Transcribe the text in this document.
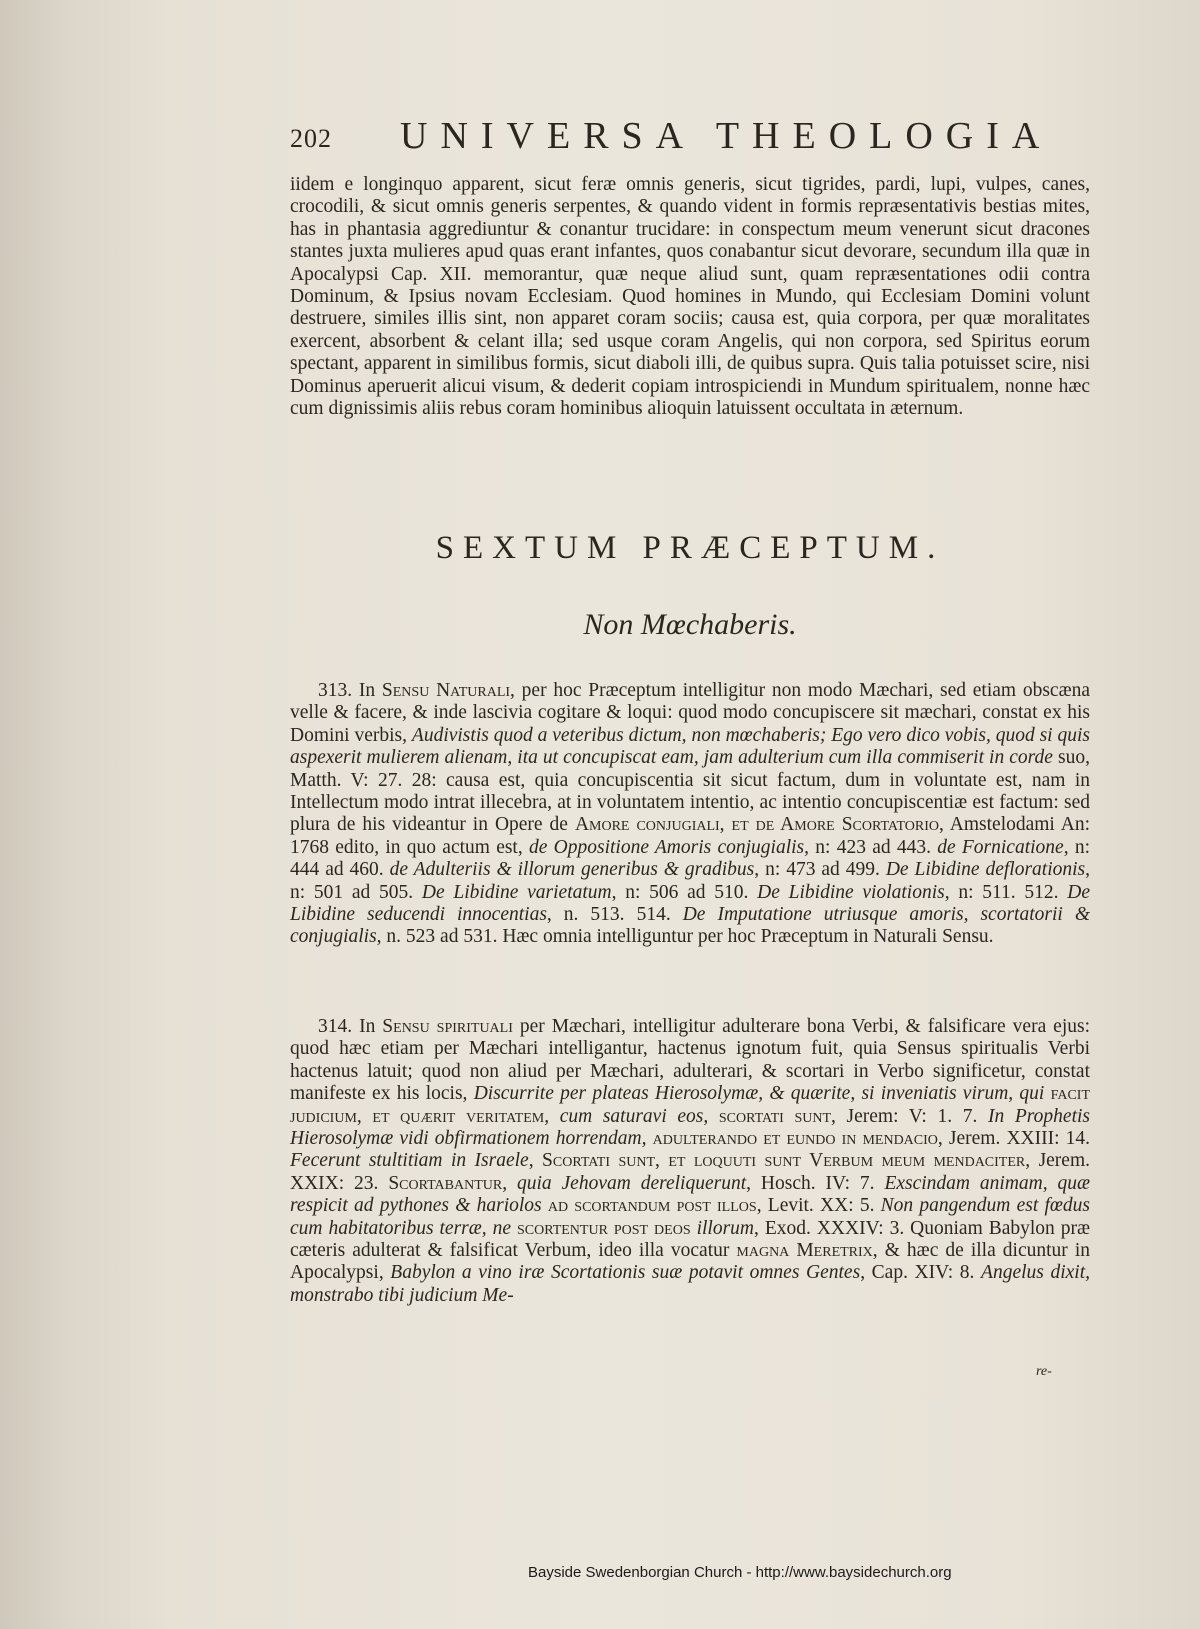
202 UNIVERSA THEOLOGIA

iidem e longinquo apparent, sicut feræ omnis generis, sicut tigrides, pardi, lupi, vulpes, canes, crocodili, & sicut omnis generis serpentes, & quando vident in formis repræsentativis bestias mites, has in phantasia aggrediuntur & conantur trucidare: in conspectum meum venerunt sicut dracones stantes juxta mulieres apud quas erant infantes, quos conabantur sicut devorare, secundum illa quæ in Apocalypsi Cap. XII. memorantur, quæ neque aliud sunt, quam repræsentationes odii contra Dominum, & Ipsius novam Ecclesiam. Quod homines in Mundo, qui Ecclesiam Domini volunt destruere, similes illis sint, non apparet coram sociis; causa est, quia corpora, per quæ moralitates exercent, absorbent & celant illa; sed usque coram Angelis, qui non corpora, sed Spiritus eorum spectant, apparent in similibus formis, sicut diaboli illi, de quibus supra. Quis talia potuisset scire, nisi Dominus aperuerit alicui visum, & dederit copiam introspiciendi in Mundum spiritualem, nonne hæc cum dignissimis aliis rebus coram hominibus alioquin latuissent occultata in æternum.

SEXTUM PRÆCEPTUM.
Non Mœchaberis.

313. In Sensu Naturali, per hoc Præceptum intelligitur non modo Mæchari, sed etiam obscæna velle & facere, & inde lascivia cogitare & loqui: quod modo concupiscere sit mæchari, constat ex his Domini verbis, Audivistis quod a veteribus dictum, non mœchaberis; Ego vero dico vobis, quod si quis aspexerit mulierem alienam, ita ut concupiscat eam, jam adulterium cum illa commiserit in corde suo, Matth. V: 27. 28: causa est, quia concupiscentia sit sicut factum, dum in voluntate est, nam in Intellectum modo intrat illecebra, at in voluntatem intentio, ac intentio concupiscentiæ est factum: sed plura de his videantur in Opere de Amore conjugiali, et de Amore Scortatorio, Amstelodami An: 1768 edito, in quo actum est, de Oppositione Amoris conjugialis, n: 423 ad 443. de Fornicatione, n: 444 ad 460. de Adulteriis & illorum generibus & gradibus, n: 473 ad 499. De Libidine deflorationis, n: 501 ad 505. De Libidine varietatum, n: 506 ad 510. De Libidine violationis, n: 511. 512. De Libidine seducendi innocentias, n. 513. 514. De Imputatione utriusque amoris, scortatorii & conjugialis, n. 523 ad 531. Hæc omnia intelliguntur per hoc Præceptum in Naturali Sensu.

314. In Sensu spirituali per Mæchari, intelligitur adulterare bona Verbi, & falsificare vera ejus: quod hæc etiam per Mæchari intelligantur, hactenus ignotum fuit, quia Sensus spiritualis Verbi hactenus latuit; quod non aliud per Mæchari, adulterari, & scortari in Verbo significetur, constat manifeste ex his locis, Discurrite per plateas Hierosolymæ, & quærite, si inveniatis virum, qui facit judicium, et quærit veritatem, cum saturavi eos, scortati sunt, Jerem: V: 1. 7. In Prophetis Hierosolymæ vidi obfirmationem horrendam, adulterando et eundo in mendacio, Jerem. XXIII: 14. Fecerunt stultitiam in Israele, Scortati sunt, et loquuti sunt Verbum meum mendaciter, Jerem. XXIX: 23. Scortabantur, quia Jehovam dereliquerunt, Hosch. IV: 7. Exscindam animam, quæ respicit ad pythones & hariolos ad scortandum post illos, Levit. XX: 5. Non pangendum est fœdus cum habitatoribus terræ, ne scortentur post deos illorum, Exod. XXXIV: 3. Quoniam Babylon præ cæteris adulterat & falsificat Verbum, ideo illa vocatur magna Meretrix, & hæc de illa dicuntur in Apocalypsi, Babylon a vino iræ Scortationis suæ potavit omnes Gentes, Cap. XIV: 8. Angelus dixit, monstrabo tibi judicium Me-

re-
Bayside Swedenborgian Church - http://www.baysidechurch.org
